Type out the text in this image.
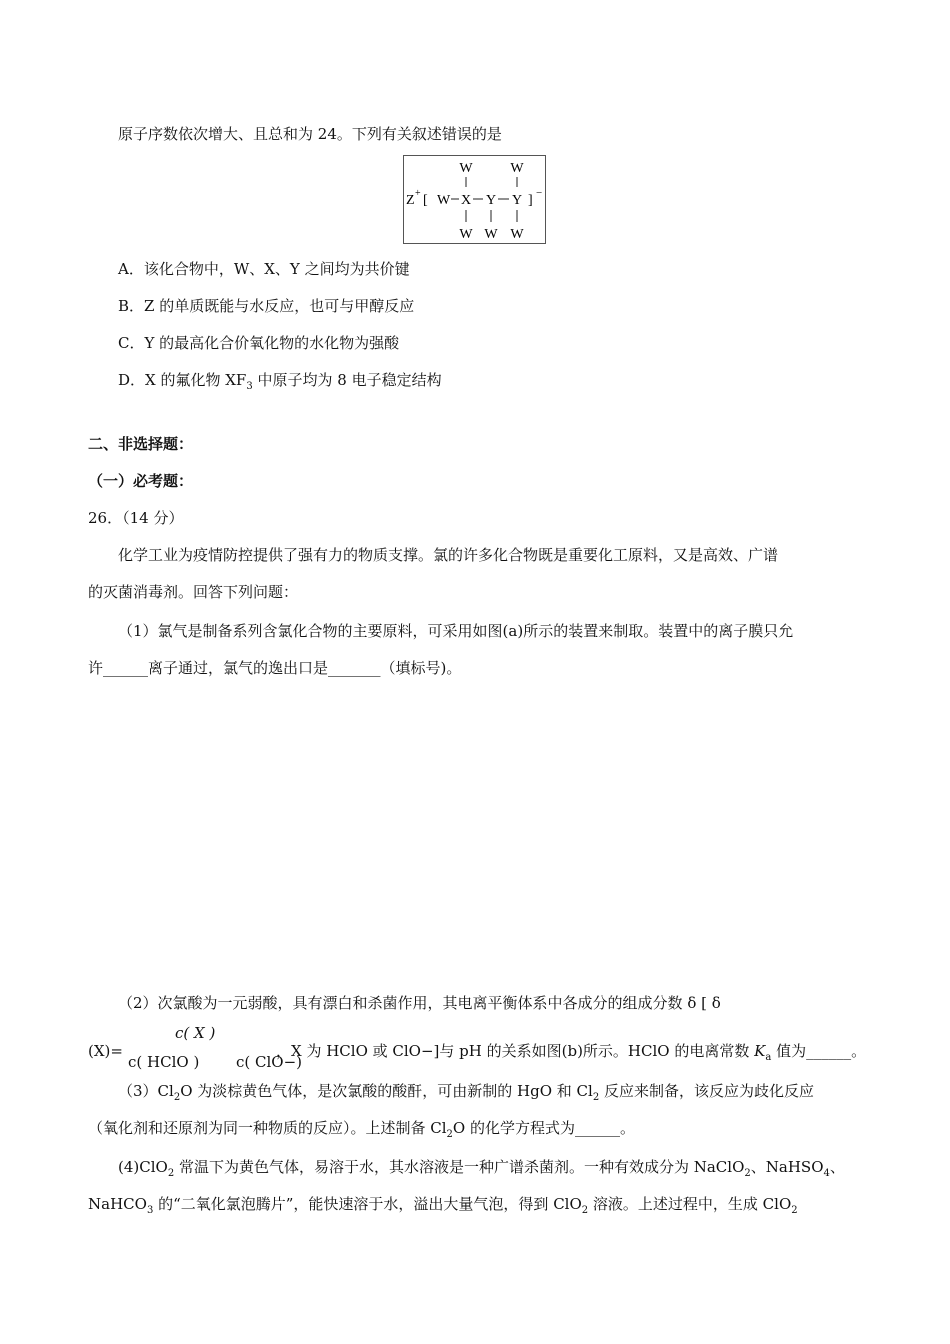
原子序数依次增大、且总和为 24。下列有关叙述错误的是
W	W
Z + [ W X Y Y ] −
W W W
A．该化合物中，W、X、Y 之间均为共价键
B．Z 的单质既能与水反应，也可与甲醇反应
C．Y 的最高化合价氧化物的水化物为强酸
D．X 的氟化物 $XF_3$ 中原子均为 8 电子稳定结构
二、非选择题：
（一）必考题：
26．（14 分）
化学工业为疫情防控提供了强有力的物质支撑。氯的许多化合物既是重要化工原料，又是高效、广谱
的灭菌消毒剂。回答下列问题：
（1）氯气是制备系列含氯化合物的主要原料，可采用如图(a)所示的装置来制取。装置中的离子膜只允
许______离子通过，氯气的逸出口是_______（填标号)。
（2）次氯酸为一元弱酸，具有漂白和杀菌作用，其电离平衡体系中各成分的组成分数 δ [ δ
c( X )
(X)=
c( HClO ) c( ClO−)
，X 为 HClO 或 ClO−]与 pH 的关系如图(b)所示。HClO 的电离常数 $K_a$ 值为______。
$(3)Cl_2O$ 为淡棕黄色气体，是次氯酸的酸酐，可由新制的 HgO 和 $Cl_2$ 反应来制备，该反应为歧化反应
（氧化剂和还原剂为同一种物质的反应）。上述制备 $Cl_2O$ 的化学方程式为______。
(4)ClO$_2$ 常温下为黄色气体，易溶于水，其水溶液是一种广谱杀菌剂。一种有效成分为 NaClO$_2$、NaHSO$_4$、
NaHCO$_3$ 的“二氧化氯泡腾片”，能快速溶于水，溢出大量气泡，得到 ClO$_2$ 溶液。上述过程中，生成 ClO$_2$
